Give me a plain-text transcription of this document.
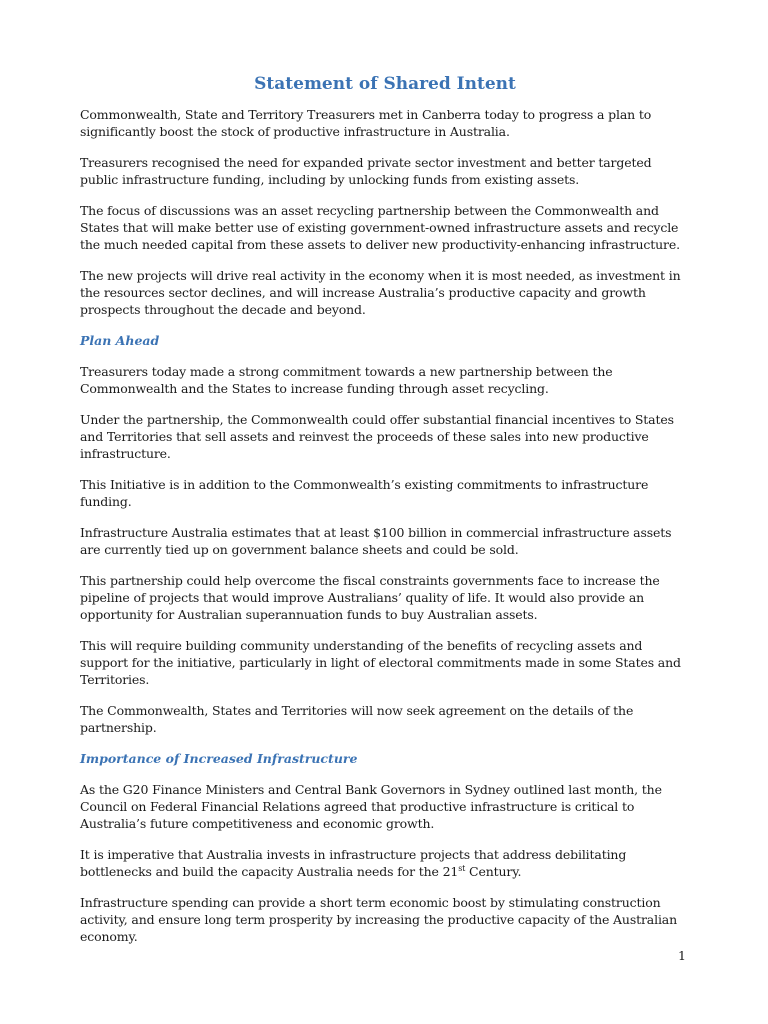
Statement of Shared Intent

Commonwealth, State and Territory Treasurers met in Canberra today to progress a plan to significantly boost the stock of productive infrastructure in Australia.

Treasurers recognised the need for expanded private sector investment and better targeted public infrastructure funding, including by unlocking funds from existing assets.

The focus of discussions was an asset recycling partnership between the Commonwealth and States that will make better use of existing government-owned infrastructure assets and recycle the much needed capital from these assets to deliver new productivity-enhancing infrastructure.

The new projects will drive real activity in the economy when it is most needed, as investment in the resources sector declines, and will increase Australia’s productive capacity and growth prospects throughout the decade and beyond.

Plan Ahead

Treasurers today made a strong commitment towards a new partnership between the Commonwealth and the States to increase funding through asset recycling.

Under the partnership, the Commonwealth could offer substantial financial incentives to States and Territories that sell assets and reinvest the proceeds of these sales into new productive infrastructure.

This Initiative is in addition to the Commonwealth’s existing commitments to infrastructure funding.

Infrastructure Australia estimates that at least $100 billion in commercial infrastructure assets are currently tied up on government balance sheets and could be sold.

This partnership could help overcome the fiscal constraints governments face to increase the pipeline of projects that would improve Australians’ quality of life. It would also provide an opportunity for Australian superannuation funds to buy Australian assets.

This will require building community understanding of the benefits of recycling assets and support for the initiative, particularly in light of electoral commitments made in some States and Territories.

The Commonwealth, States and Territories will now seek agreement on the details of the partnership.

Importance of Increased Infrastructure

As the G20 Finance Ministers and Central Bank Governors in Sydney outlined last month, the Council on Federal Financial Relations agreed that productive infrastructure is critical to Australia’s future competitiveness and economic growth.

It is imperative that Australia invests in infrastructure projects that address debilitating bottlenecks and build the capacity Australia needs for the 21st Century.

Infrastructure spending can provide a short term economic boost by stimulating construction activity, and ensure long term prosperity by increasing the productive capacity of the Australian economy.

1
